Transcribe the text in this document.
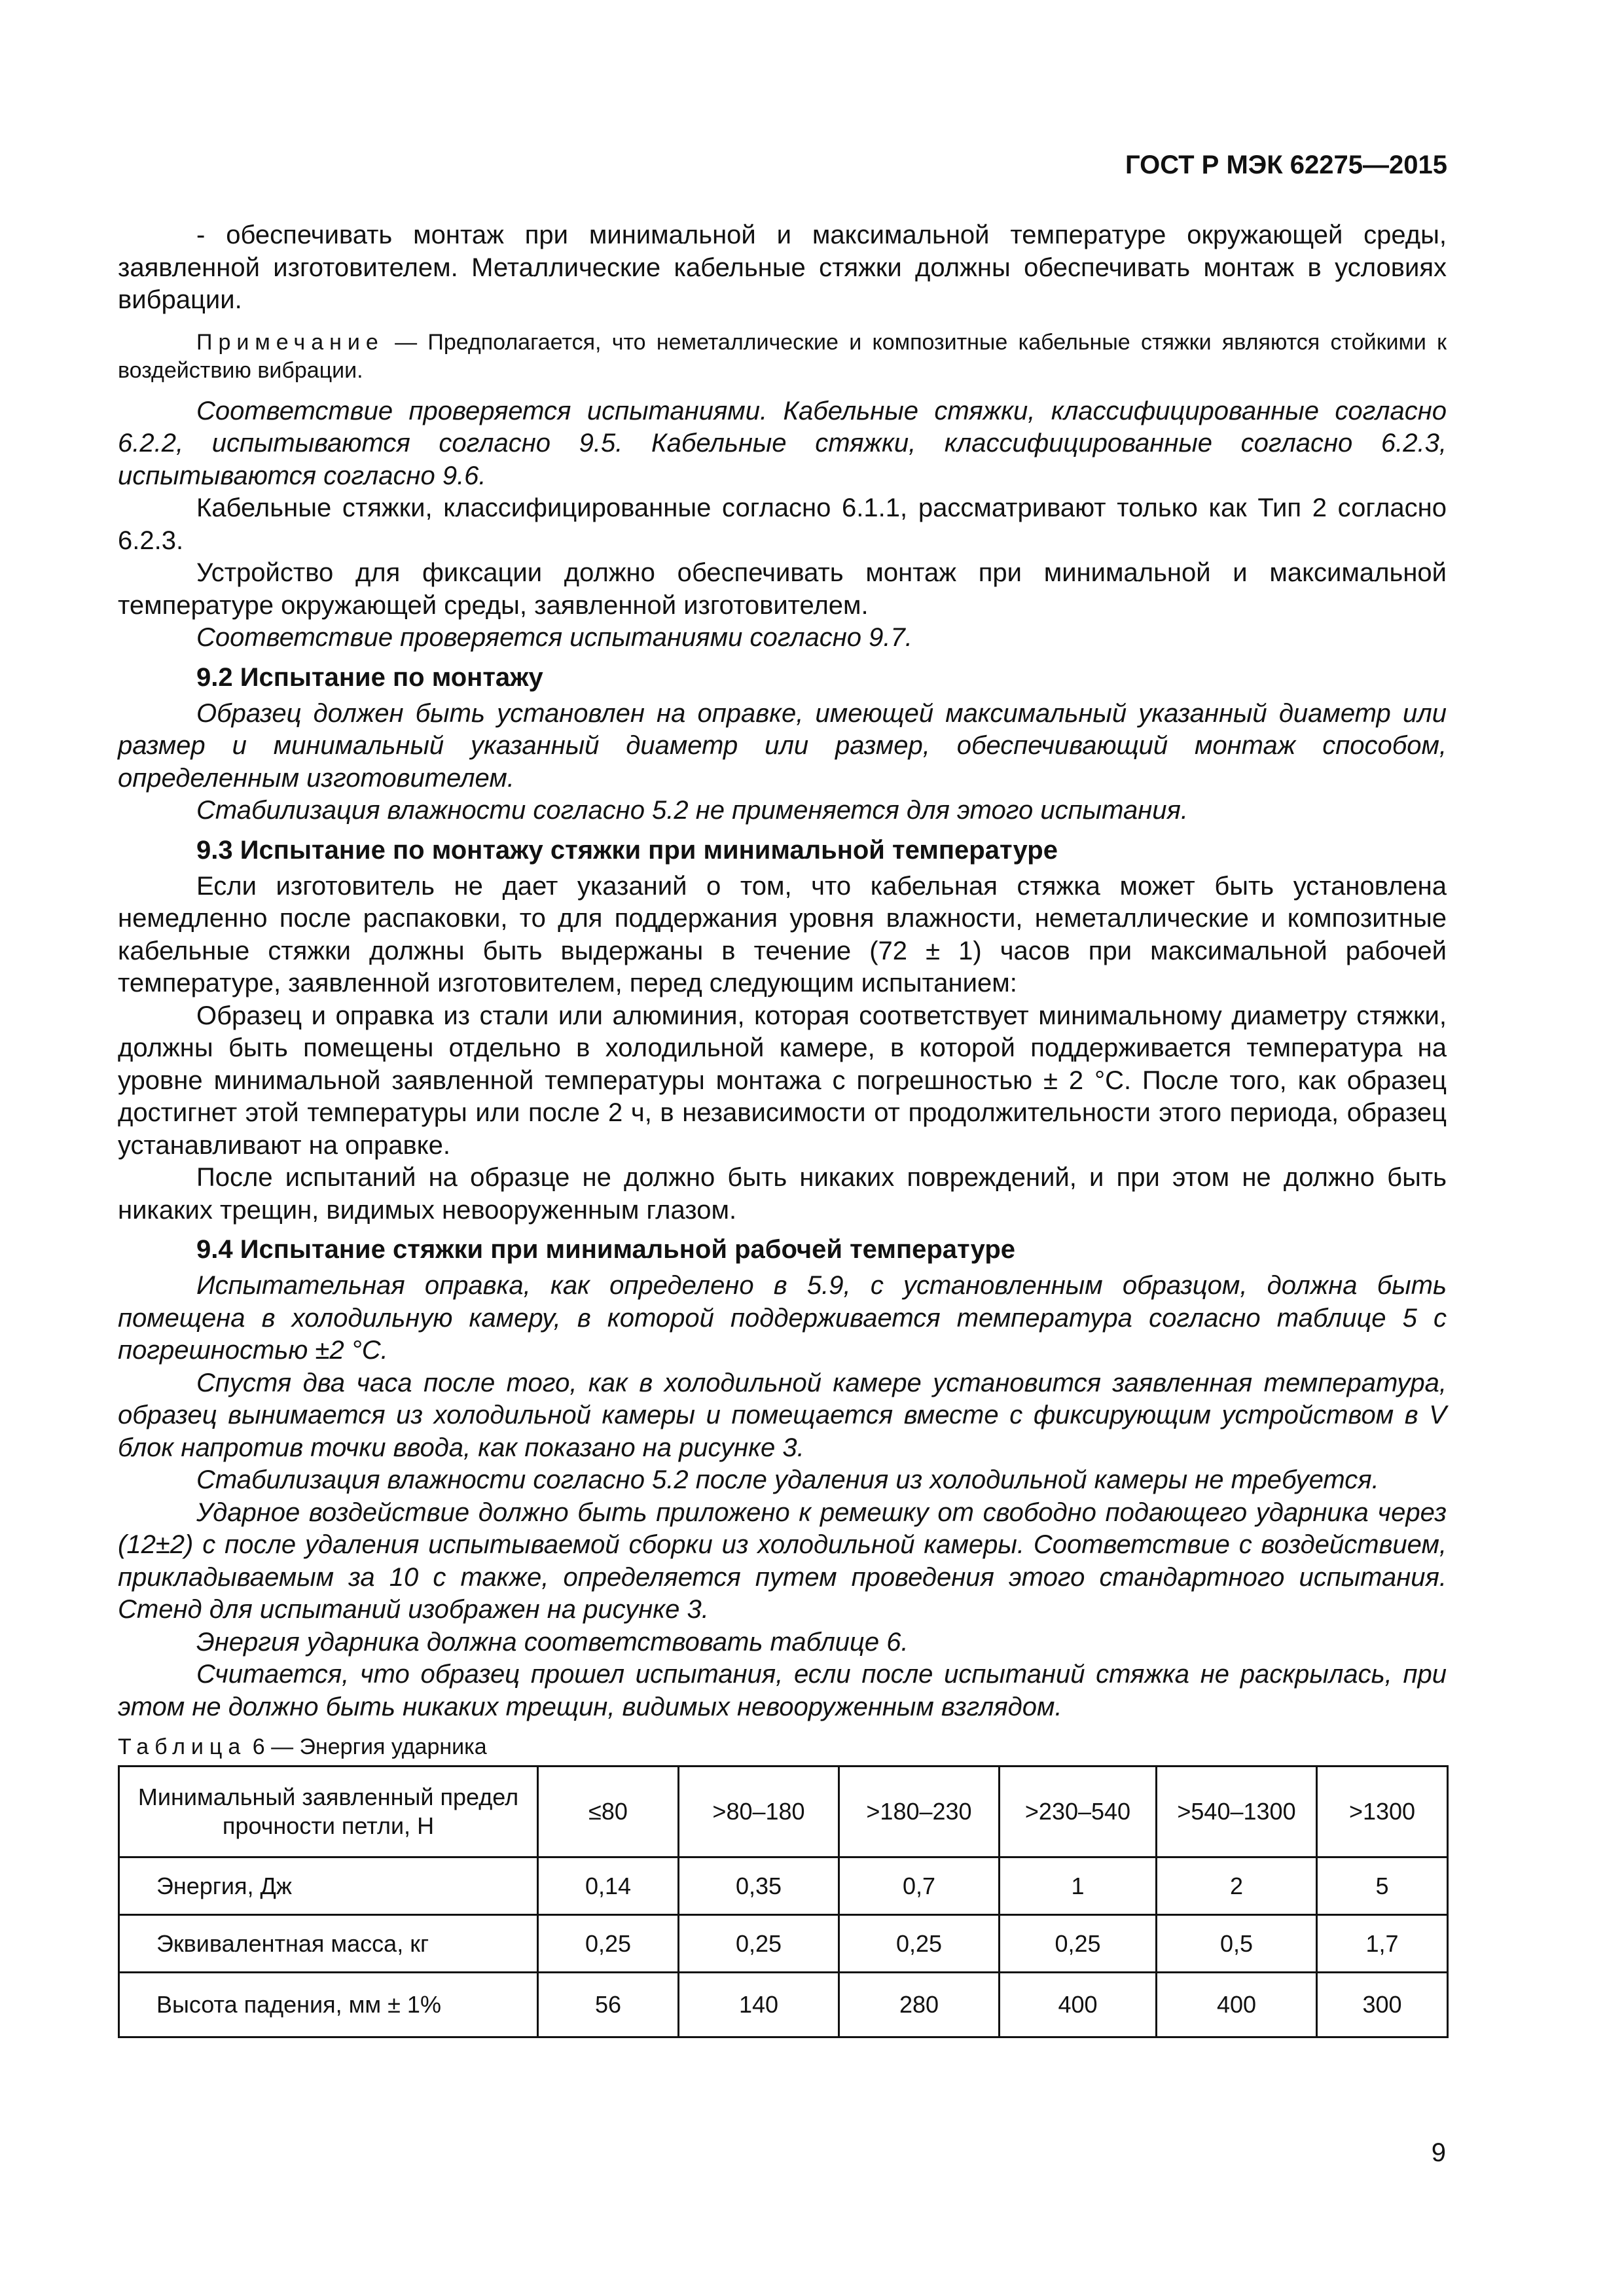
ГОСТ Р МЭК 62275—2015

- обеспечивать монтаж при минимальной и максимальной температуре окружающей среды, заявленной изготовителем. Металлические кабельные стяжки должны обеспечивать монтаж в условиях вибрации.

Примечание — Предполагается, что неметаллические и композитные кабельные стяжки являются стойкими к воздействию вибрации.

Соответствие проверяется испытаниями. Кабельные стяжки, классифицированные согласно 6.2.2, испытываются согласно 9.5. Кабельные стяжки, классифицированные согласно 6.2.3, испытываются согласно 9.6.

Кабельные стяжки, классифицированные согласно 6.1.1, рассматривают только как Тип 2 согласно 6.2.3.

Устройство для фиксации должно обеспечивать монтаж при минимальной и максимальной температуре окружающей среды, заявленной изготовителем.

Соответствие проверяется испытаниями согласно 9.7.

9.2 Испытание по монтажу

Образец должен быть установлен на оправке, имеющей максимальный указанный диаметр или размер и минимальный указанный диаметр или размер, обеспечивающий монтаж способом, определенным изготовителем.

Стабилизация влажности согласно 5.2 не применяется для этого испытания.

9.3 Испытание по монтажу стяжки при минимальной температуре

Если изготовитель не дает указаний о том, что кабельная стяжка может быть установлена немедленно после распаковки, то для поддержания уровня влажности, неметаллические и композитные кабельные стяжки должны быть выдержаны в течение (72 ± 1) часов при максимальной рабочей температуре, заявленной изготовителем, перед следующим испытанием:

Образец и оправка из стали или алюминия, которая соответствует минимальному диаметру стяжки, должны быть помещены отдельно в холодильной камере, в которой поддерживается температура на уровне минимальной заявленной температуры монтажа с погрешностью ± 2 °С. После того, как образец достигнет этой температуры или после 2 ч, в независимости от продолжительности этого периода, образец устанавливают на оправке.

После испытаний на образце не должно быть никаких повреждений, и при этом не должно быть никаких трещин, видимых невооруженным глазом.

9.4 Испытание стяжки при минимальной рабочей температуре

Испытательная оправка, как определено в 5.9, с установленным образцом, должна быть помещена в холодильную камеру, в которой поддерживается температура согласно таблице 5 с погрешностью ±2 °С.

Спустя два часа после того, как в холодильной камере установится заявленная температура, образец вынимается из холодильной камеры и помещается вместе с фиксирующим устройством в V блок напротив точки ввода, как показано на рисунке 3.

Стабилизация влажности согласно 5.2 после удаления из холодильной камеры не требуется.

Ударное воздействие должно быть приложено к ремешку от свободно подающего ударника через (12±2) с после удаления испытываемой сборки из холодильной камеры. Соответствие с воздействием, прикладываемым за 10 с также, определяется путем проведения этого стандартного испытания. Стенд для испытаний изображен на рисунке 3.

Энергия ударника должна соответствовать таблице 6.

Считается, что образец прошел испытания, если после испытаний стяжка не раскрылась, при этом не должно быть никаких трещин, видимых невооруженным взглядом.

Таблица 6 — Энергия ударника

Минимальный заявленный предел прочности петли, Н	≤80	>80–180	>180–230	>230–540	>540–1300	>1300
Энергия, Дж	0,14	0,35	0,7	1	2	5
Эквивалентная масса, кг	0,25	0,25	0,25	0,25	0,5	1,7
Высота падения, мм ± 1%	56	140	280	400	400	300
9
